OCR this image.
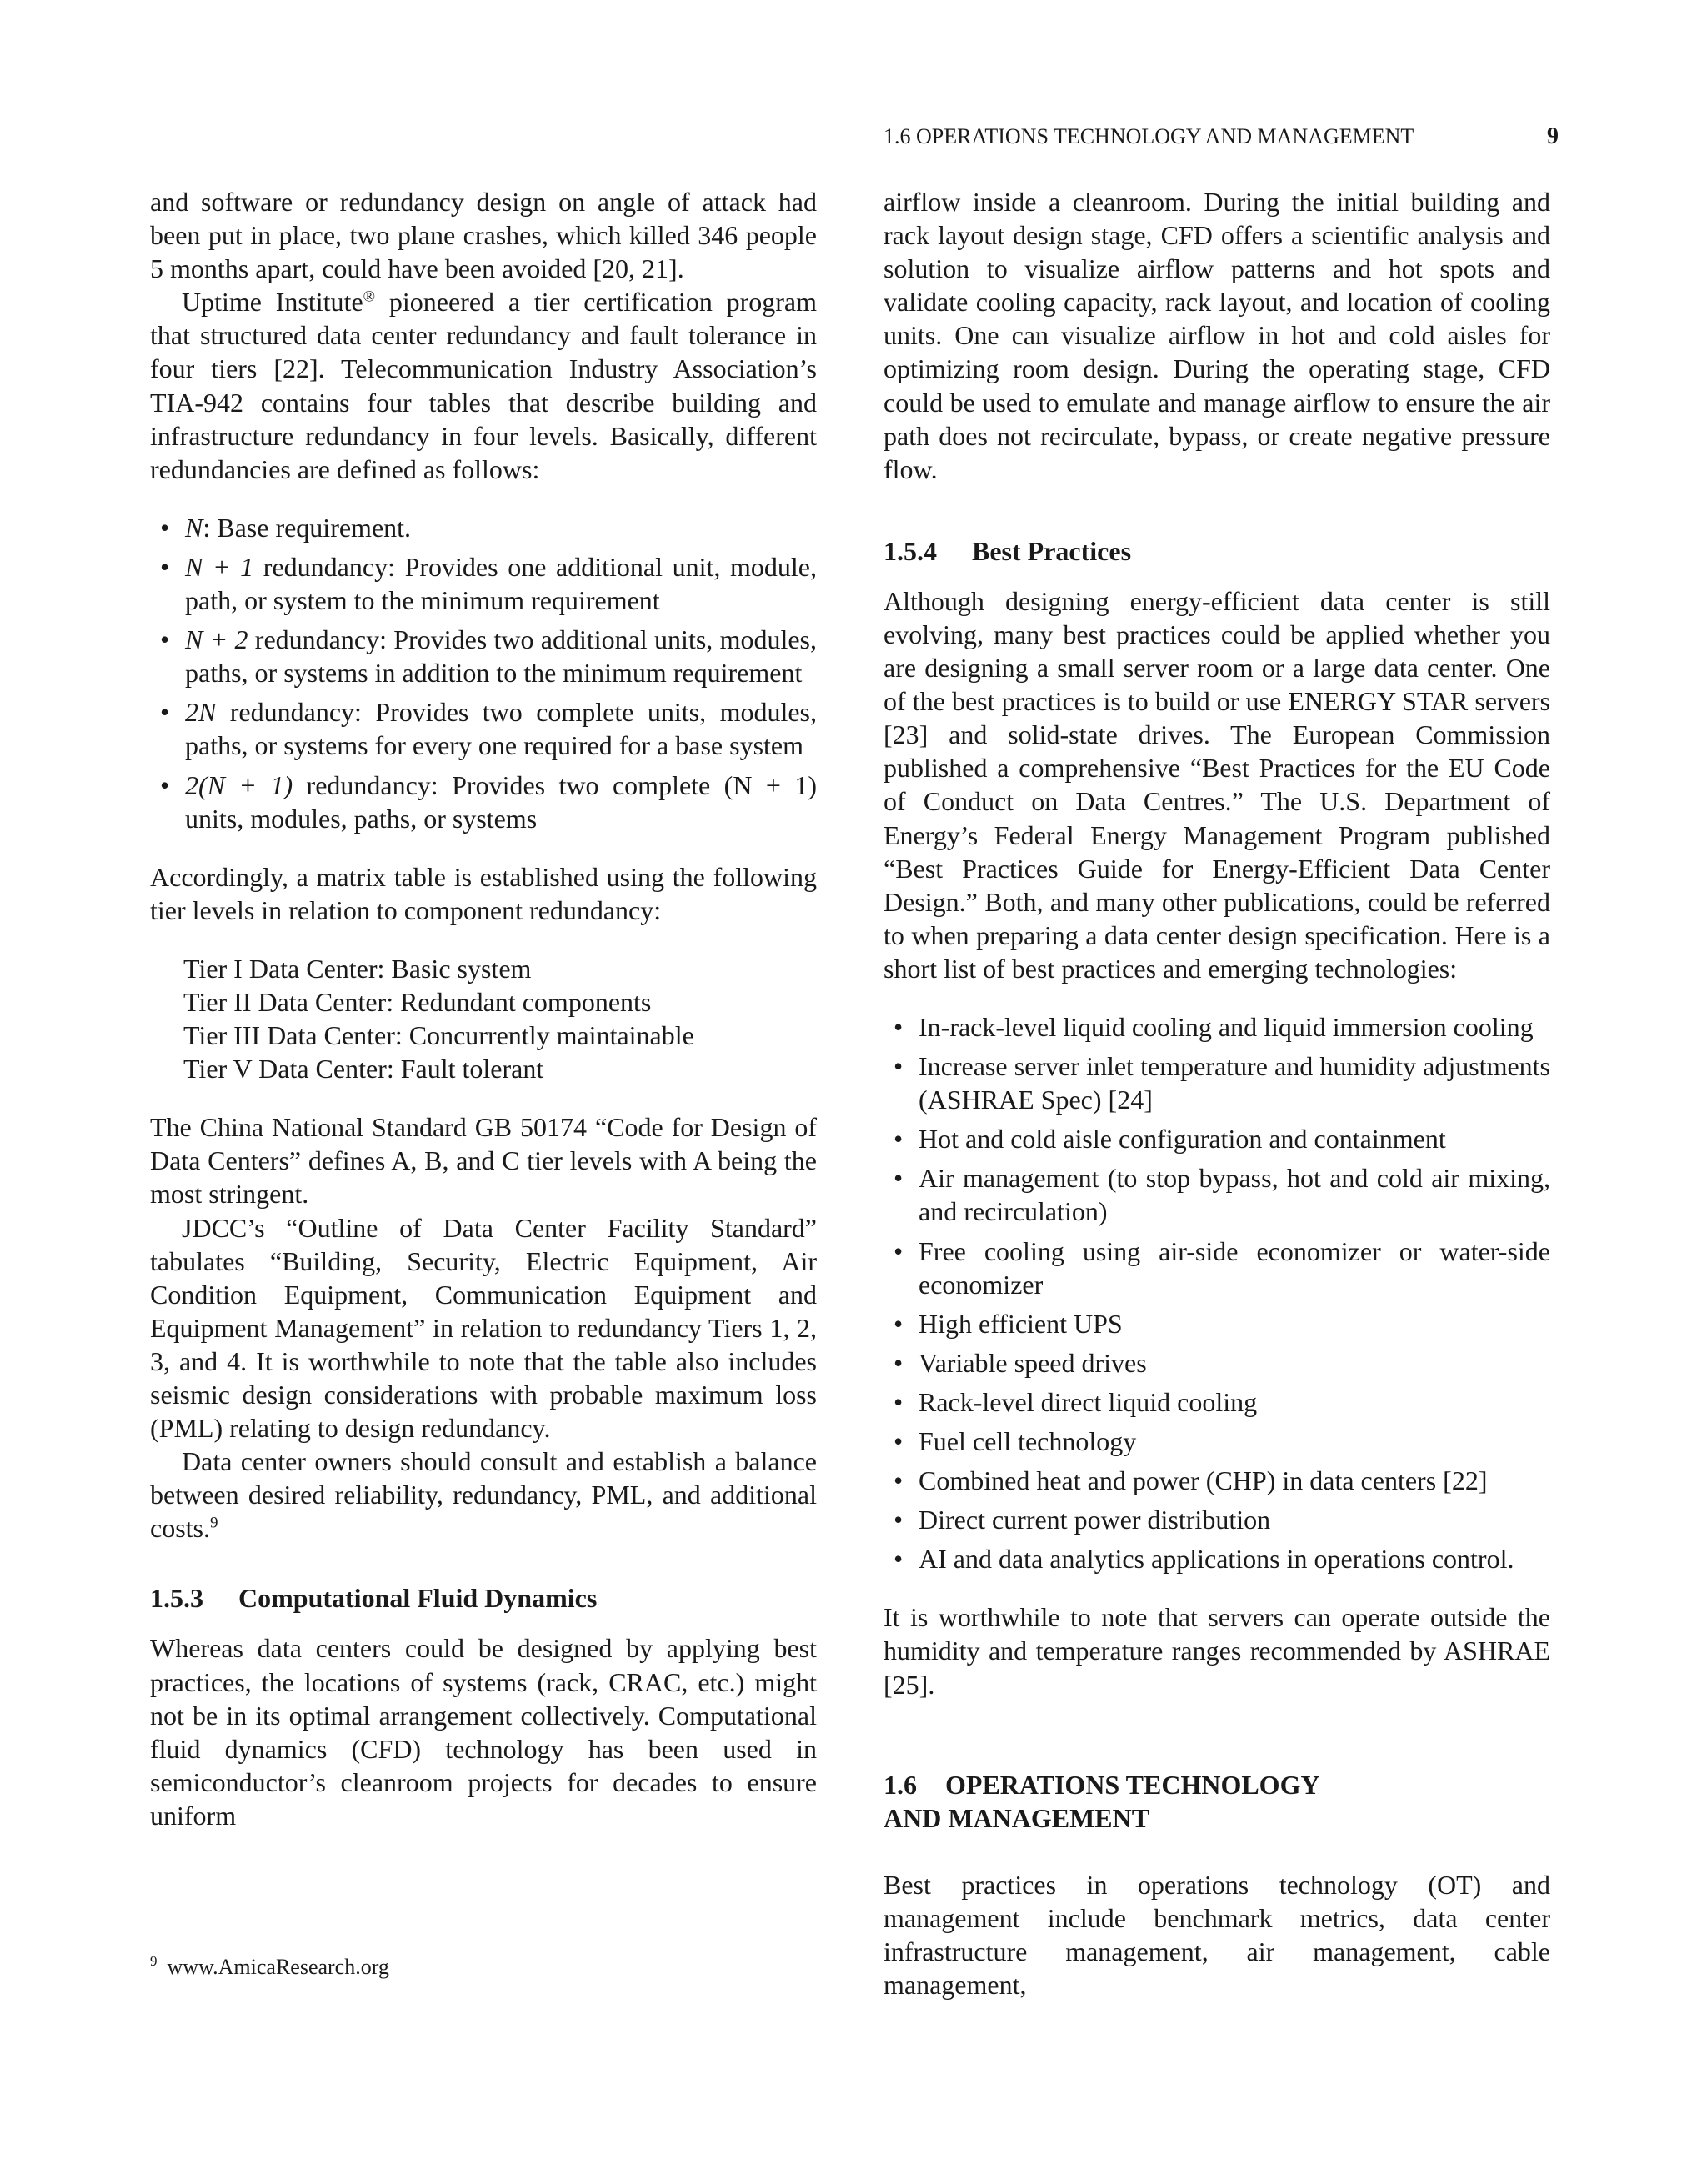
1.6 OPERATIONS TECHNOLOGY AND MANAGEMENT	9

and software or redundancy design on angle of attack had been put in place, two plane crashes, which killed 346 people 5 months apart, could have been avoided [20, 21].

Uptime Institute® pioneered a tier certification program that structured data center redundancy and fault tolerance in four tiers [22]. Telecommunication Industry Association’s TIA-942 contains four tables that describe building and infrastructure redundancy in four levels. Basically, different redundancies are defined as follows:

• N: Base requirement.
• N + 1 redundancy: Provides one additional unit, module, path, or system to the minimum requirement
• N + 2 redundancy: Provides two additional units, modules, paths, or systems in addition to the minimum requirement
• 2N redundancy: Provides two complete units, modules, paths, or systems for every one required for a base system
• 2(N + 1) redundancy: Provides two complete (N + 1) units, modules, paths, or systems

Accordingly, a matrix table is established using the following tier levels in relation to component redundancy:

Tier I Data Center: Basic system
Tier II Data Center: Redundant components
Tier III Data Center: Concurrently maintainable
Tier V Data Center: Fault tolerant

The China National Standard GB 50174 “Code for Design of Data Centers” defines A, B, and C tier levels with A being the most stringent.

JDCC’s “Outline of Data Center Facility Standard” tabulates “Building, Security, Electric Equipment, Air Condition Equipment, Communication Equipment and Equipment Management” in relation to redundancy Tiers 1, 2, 3, and 4. It is worthwhile to note that the table also includes seismic design considerations with probable maximum loss (PML) relating to design redundancy.

Data center owners should consult and establish a balance between desired reliability, redundancy, PML, and additional costs.$^9$

1.5.3 Computational Fluid Dynamics

Whereas data centers could be designed by applying best practices, the locations of systems (rack, CRAC, etc.) might not be in its optimal arrangement collectively. Computational fluid dynamics (CFD) technology has been used in semiconductor’s cleanroom projects for decades to ensure uniform

airflow inside a cleanroom. During the initial building and rack layout design stage, CFD offers a scientific analysis and solution to visualize airflow patterns and hot spots and validate cooling capacity, rack layout, and location of cooling units. One can visualize airflow in hot and cold aisles for optimizing room design. During the operating stage, CFD could be used to emulate and manage airflow to ensure the air path does not recirculate, bypass, or create negative pressure flow.

1.5.4 Best Practices

Although designing energy-efficient data center is still evolving, many best practices could be applied whether you are designing a small server room or a large data center. One of the best practices is to build or use ENERGY STAR servers [23] and solid-state drives. The European Commission published a comprehensive “Best Practices for the EU Code of Conduct on Data Centres.” The U.S. Department of Energy’s Federal Energy Management Program published “Best Practices Guide for Energy-Efficient Data Center Design.” Both, and many other publications, could be referred to when preparing a data center design specification. Here is a short list of best practices and emerging technologies:

• In-rack-level liquid cooling and liquid immersion cooling
• Increase server inlet temperature and humidity adjustments (ASHRAE Spec) [24]
• Hot and cold aisle configuration and containment
• Air management (to stop bypass, hot and cold air mixing, and recirculation)
• Free cooling using air-side economizer or water-side economizer
• High efficient UPS
• Variable speed drives
• Rack-level direct liquid cooling
• Fuel cell technology
• Combined heat and power (CHP) in data centers [22]
• Direct current power distribution
• AI and data analytics applications in operations control.

It is worthwhile to note that servers can operate outside the humidity and temperature ranges recommended by ASHRAE [25].

1.6 OPERATIONS TECHNOLOGY
AND MANAGEMENT

Best practices in operations technology (OT) and management include benchmark metrics, data center infrastructure management, air management, cable management,

$^9$ www.AmicaResearch.org
